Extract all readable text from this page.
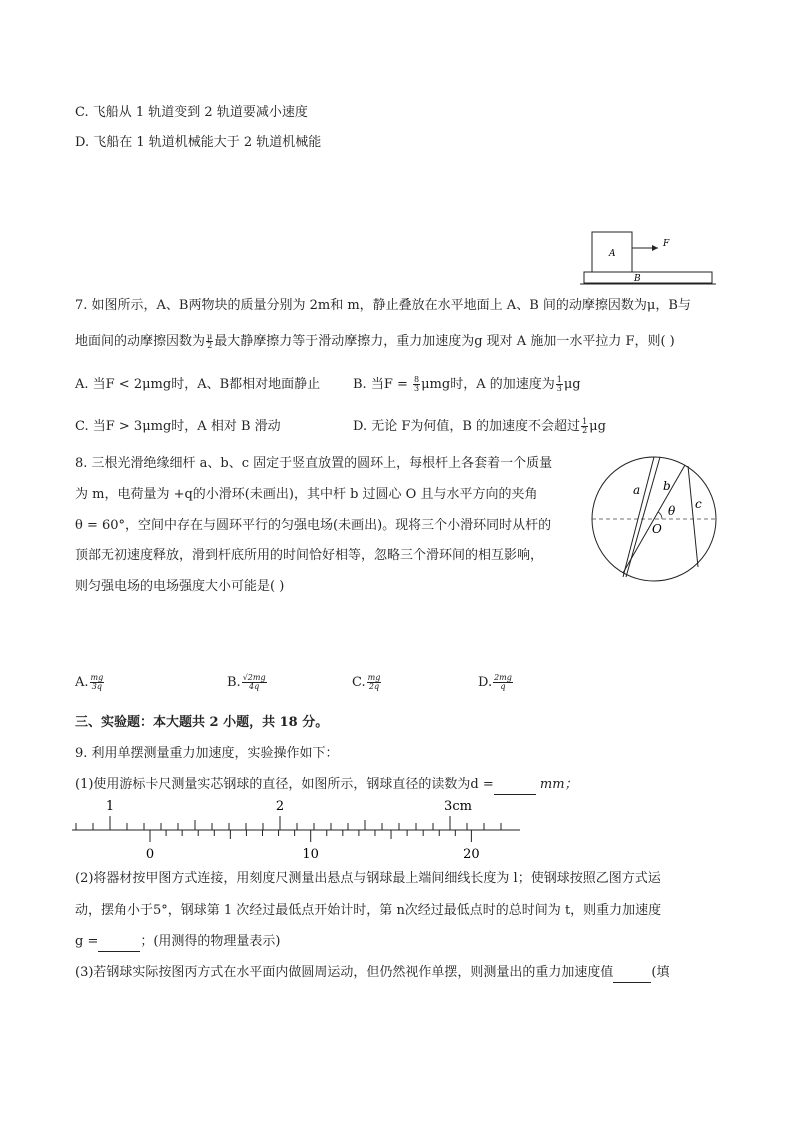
C. 飞船从 1 轨道变到 2 轨道要减小速度
D. 飞船在 1 轨道机械能大于 2 轨道机械能
A
B
F
7. 如图所示，A、B两物块的质量分别为 2m和 m，静止叠放在水平地面上 A、B 间的动摩擦因数为μ，B与
地面间的动摩擦因数为 $\frac{\mu}{2}$ 最大静摩擦力等于滑动摩擦力，重力加速度为g 现对 A 施加一水平拉力 F，则( )
A. 当F < 2μmg时，A、B都相对地面静止	B. 当$F = \frac{8}{3}$ μmg时，A 的加速度为 $\frac{1}{3}$ μg
C. 当F > 3μmg时，A 相对 B 滑动	D. 无论 F为何值，B 的加速度不会超过 $\frac{1}{2}$ μg
8. 三根光滑绝缘细杆 a、b、c 固定于竖直放置的圆环上，每根杆上各套着一个质量
为 m，电荷量为 +q的小滑环(未画出)，其中杆 b 过圆心 O 且与水平方向的夹角
θ = 60°，空间中存在与圆环平行的匀强电场(未画出)。现将三个小滑环同时从杆的
顶部无初速度释放，滑到杆底所用的时间恰好相等，忽略三个滑环间的相互影响，
则匀强电场的电场强度大小可能是( )
a b
c
θ
O
A. $\frac{mg}{3q}$	B. $\frac{√2mg}{4q}$	C. $\frac{mg}{2q}$	D. $\frac{2mg}{q}$
三、实验题：本大题共 2 小题，共 18 分。
9. 利用单摆测量重力加速度，实验操作如下：
(1)使用游标卡尺测量实芯钢球的直径，如图所示，钢球直径的读数为d =	mm；
1	2	3cm
0	10	20
(2)将器材按甲图方式连接，用刻度尺测量出悬点与钢球最上端间细线长度为 l；使钢球按照乙图方式运
动，摆角小于5°，钢球第 1 次经过最低点开始计时，第 n次经过最低点时的总时间为 t，则重力加速度
g =	；(用测得的物理量表示)
(3)若钢球实际按图丙方式在水平面内做圆周运动，但仍然视作单摆，则测量出的重力加速度值	(填
